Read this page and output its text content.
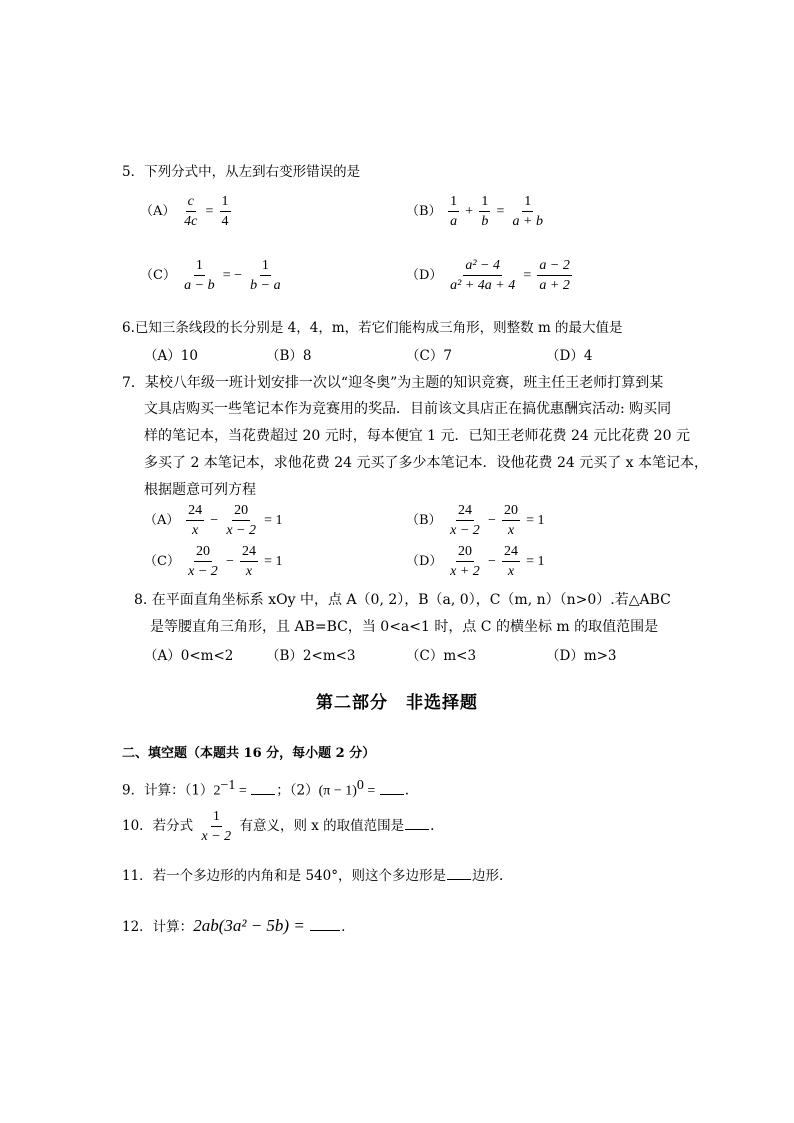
5．下列分式中，从左到右变形错误的是
$(A) \frac{c}{4c} = \frac{1}{4}$	$(B) \frac{1}{a} + \frac{1}{b} = \frac{1}{a + b}$
$(C) \frac{1}{a - b}$ = − $\frac{1}{b - a}$	$(D) \frac{\text{a² − 4}}{\text{a² + 4a + 4}} = \frac{a - 2}{a + 2}$
6.已知三条线段的长分别是 4，4，m，若它们能构成三角形，则整数 m 的最大值是
（A）10	（B）8	（C）7	（D）4
7．某校八年级一班计划安排一次以“迎冬奥”为主题的知识竞赛，班主任王老师打算到某
文具店购买一些笔记本作为竞赛用的奖品．目前该文具店正在搞优惠酬宾活动: 购买同
样的笔记本，当花费超过 20 元时，每本便宜 1 元．已知王老师花费 24 元比花费 20 元
多买了 2 本笔记本，求他花费 24 元买了多少本笔记本．设他花费 24 元买了 x 本笔记本，
根据题意可列方程
$(A) \frac{24}{x} - \frac{20}{x - 2} = 1$	$(B) \frac{24}{x - 2} - \frac{20}{x} = 1$
$(C) \frac{20}{x - 2} - \frac{24}{x} = 1$	$(D) \frac{20}{x + 2} - \frac{24}{x} = 1$
8. 在平面直角坐标系 xOy 中，点 A（0, 2），B（a, 0），C（m, n）（n>0）.若△ABC
是等腰直角三角形，且 AB=BC，当 0<a<1 时，点 C 的横坐标 m 的取值范围是
（A）0<m<2 （B）2<m<3	（C）m<3	（D）m>3
第二部分　非选择题
二、填空题（本题共 16 分，每小题 2 分）
9．计算：$(1)2^{-1}$ = ；$(2)(\pi - 1)^0$ = .
10．若分式 $\frac{1}{x - 2}$ 有意义，则 x 的取值范围是 .
11．若一个多边形的内角和是 540°，则这个多边形是 边形.
12．计算：2ab(3a² − 5b) = .
